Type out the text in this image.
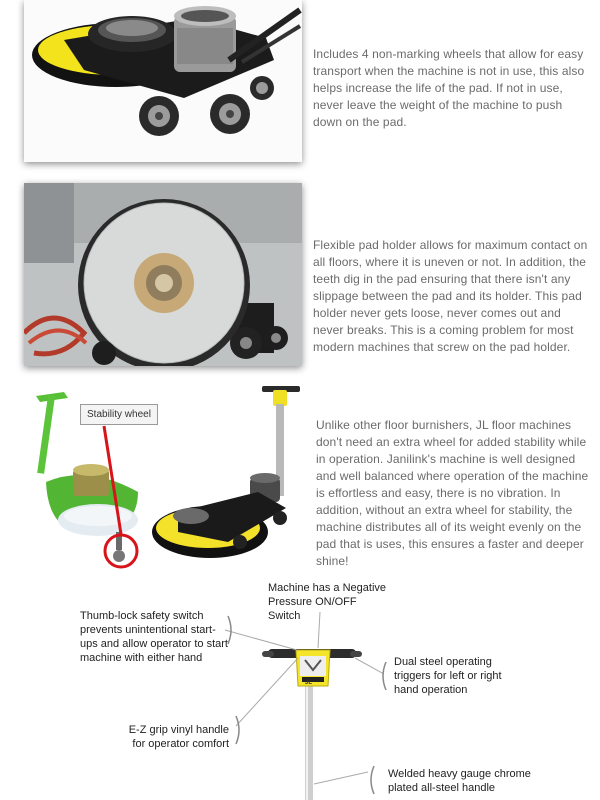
Includes 4 non-marking wheels that allow for easy transport when the machine is not in use, this also helps increase the life of the pad. If not in use, never leave the weight of the machine to push down on the pad.

Flexible pad holder allows for maximum contact on all floors, where it is uneven or not. In addition, the teeth dig in the pad ensuring that there isn't any slippage between the pad and its holder. This pad holder never gets loose, never comes out and never breaks. This is a coming problem for most modern machines that screw on the pad holder.

Stability wheel

Unlike other floor burnishers, JL floor machines don't need an extra wheel for added stability while in operation. Janilink's machine is well designed and well balanced where operation of the machine is effortless and easy, there is no vibration. In addition, without an extra wheel for stability, the machine distributes all of its weight evenly on the pad that is uses, this ensures a faster and deeper shine!

JL

Machine has a Negative Pressure ON/OFF Switch

Thumb-lock safety switch prevents unintentional start-ups and allow operator to start machine with either hand	Dual steel operating triggers for left or right hand operation

E-Z grip vinyl handle for operator comfort

Welded heavy gauge chrome plated all-steel handle
